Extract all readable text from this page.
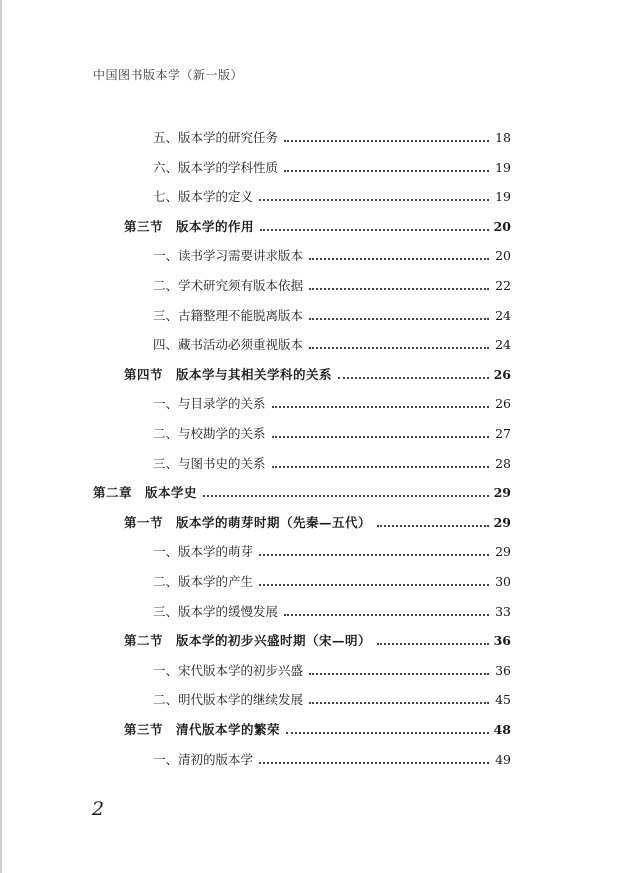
中国图书版本学（新一版）
五、版本学的研究任务	18
六、版本学的学科性质	19
七、版本学的定义	19
第三节　版本学的作用	20
一、读书学习需要讲求版本	20
二、学术研究须有版本依据	22
三、古籍整理不能脱离版本	24
四、藏书活动必须重视版本	24
第四节　版本学与其相关学科的关系	26
一、与目录学的关系	26
二、与校勘学的关系	27
三、与图书史的关系	28
第二章　版本学史	29
第一节　版本学的萌芽时期（先秦—五代）	29
一、版本学的萌芽	29
二、版本学的产生	30
三、版本学的缓慢发展	33
第二节　版本学的初步兴盛时期（宋—明）	36
一、宋代版本学的初步兴盛	36
二、明代版本学的继续发展	45
第三节　清代版本学的繁荣	48
一、清初的版本学	49
2
